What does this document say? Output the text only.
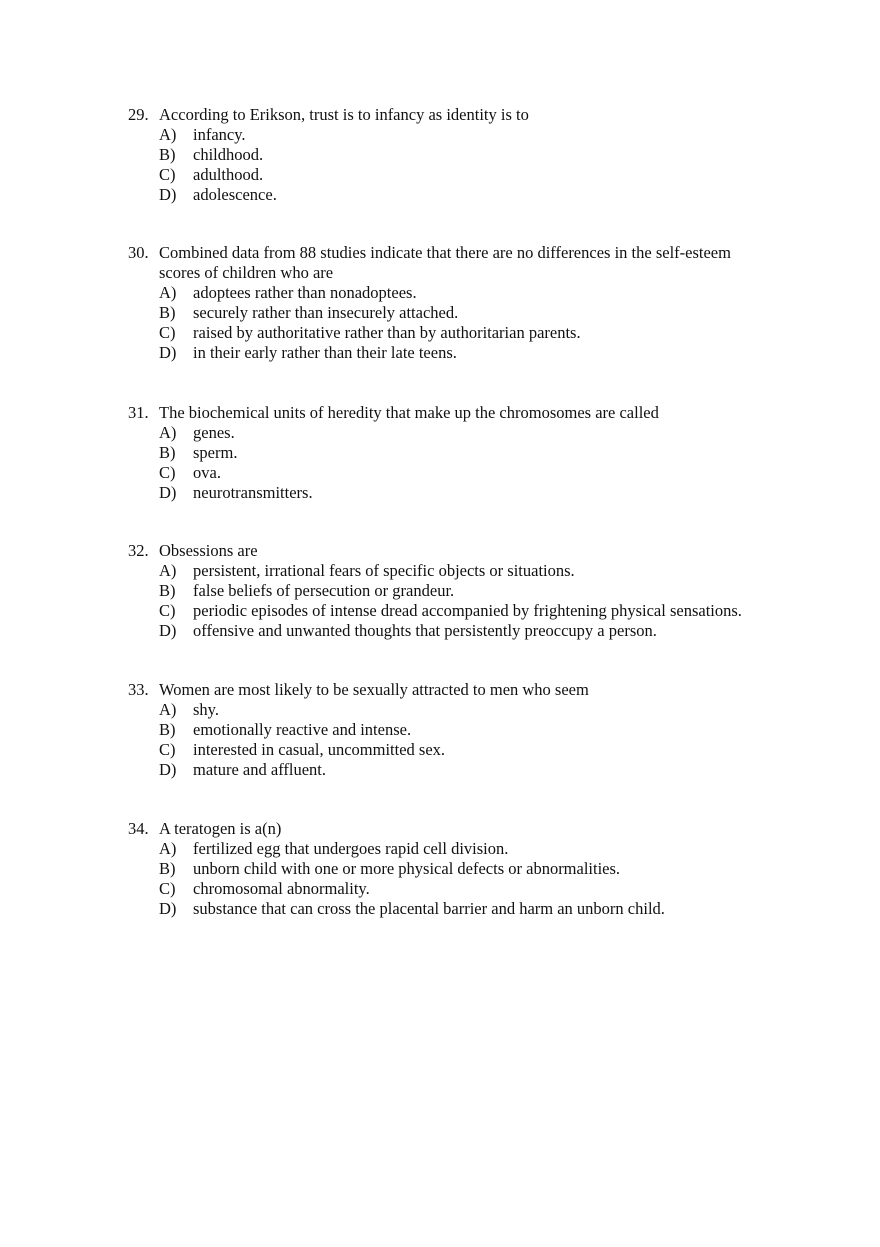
29. According to Erikson, trust is to infancy as identity is to
A)	infancy.
B)	childhood.
C)	adulthood.
D)	adolescence.
30. Combined data from 88 studies indicate that there are no differences in the self-esteem
scores of children who are
A)	adoptees rather than nonadoptees.
B)	securely rather than insecurely attached.
C)	raised by authoritative rather than by authoritarian parents.
D)	in their early rather than their late teens.
31. The biochemical units of heredity that make up the chromosomes are called
A)	genes.
B)	sperm.
C)	ova.
D)	neurotransmitters.
32. Obsessions are
A)	persistent, irrational fears of specific objects or situations.
B)	false beliefs of persecution or grandeur.
C)	periodic episodes of intense dread accompanied by frightening physical sensations.
D)	offensive and unwanted thoughts that persistently preoccupy a person.
33. Women are most likely to be sexually attracted to men who seem
A)	shy.
B)	emotionally reactive and intense.
C)	interested in casual, uncommitted sex.
D)	mature and affluent.
34. A teratogen is a(n)
A)	fertilized egg that undergoes rapid cell division.
B)	unborn child with one or more physical defects or abnormalities.
C)	chromosomal abnormality.
D)	substance that can cross the placental barrier and harm an unborn child.
